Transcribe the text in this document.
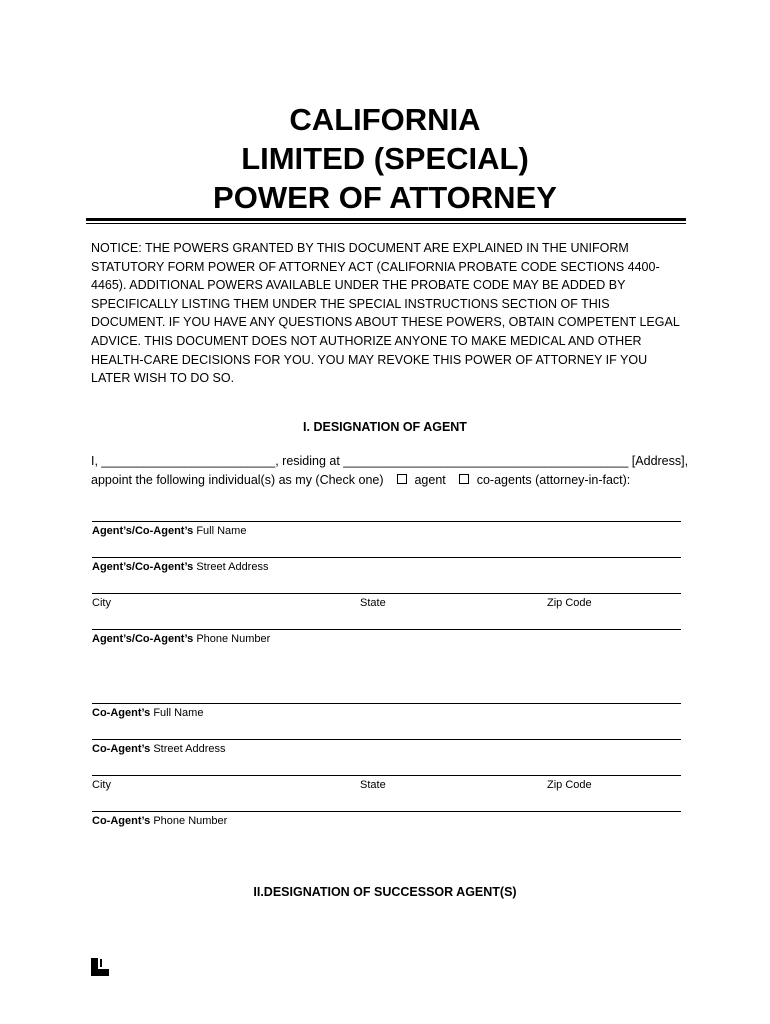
CALIFORNIA
LIMITED (SPECIAL)
POWER OF ATTORNEY
NOTICE: THE POWERS GRANTED BY THIS DOCUMENT ARE EXPLAINED IN THE UNIFORM STATUTORY FORM POWER OF ATTORNEY ACT (CALIFORNIA PROBATE CODE SECTIONS 4400-4465). ADDITIONAL POWERS AVAILABLE UNDER THE PROBATE CODE MAY BE ADDED BY SPECIFICALLY LISTING THEM UNDER THE SPECIAL INSTRUCTIONS SECTION OF THIS DOCUMENT. IF YOU HAVE ANY QUESTIONS ABOUT THESE POWERS, OBTAIN COMPETENT LEGAL ADVICE. THIS DOCUMENT DOES NOT AUTHORIZE ANYONE TO MAKE MEDICAL AND OTHER HEALTH-CARE DECISIONS FOR YOU. YOU MAY REVOKE THIS POWER OF ATTORNEY IF YOU LATER WISH TO DO SO.
I. DESIGNATION OF AGENT
I, _________________________, residing at _________________________________________ [Address],
appoint the following individual(s) as my (Check one) agent co-agents (attorney-in-fact):
Agent’s/Co-Agent’s Full Name
Agent’s/Co-Agent’s Street Address
City	State	Zip Code
Agent’s/Co-Agent’s Phone Number
Co-Agent’s Full Name
Co-Agent’s Street Address
City	State	Zip Code
Co-Agent’s Phone Number
II.DESIGNATION OF SUCCESSOR AGENT(S)
